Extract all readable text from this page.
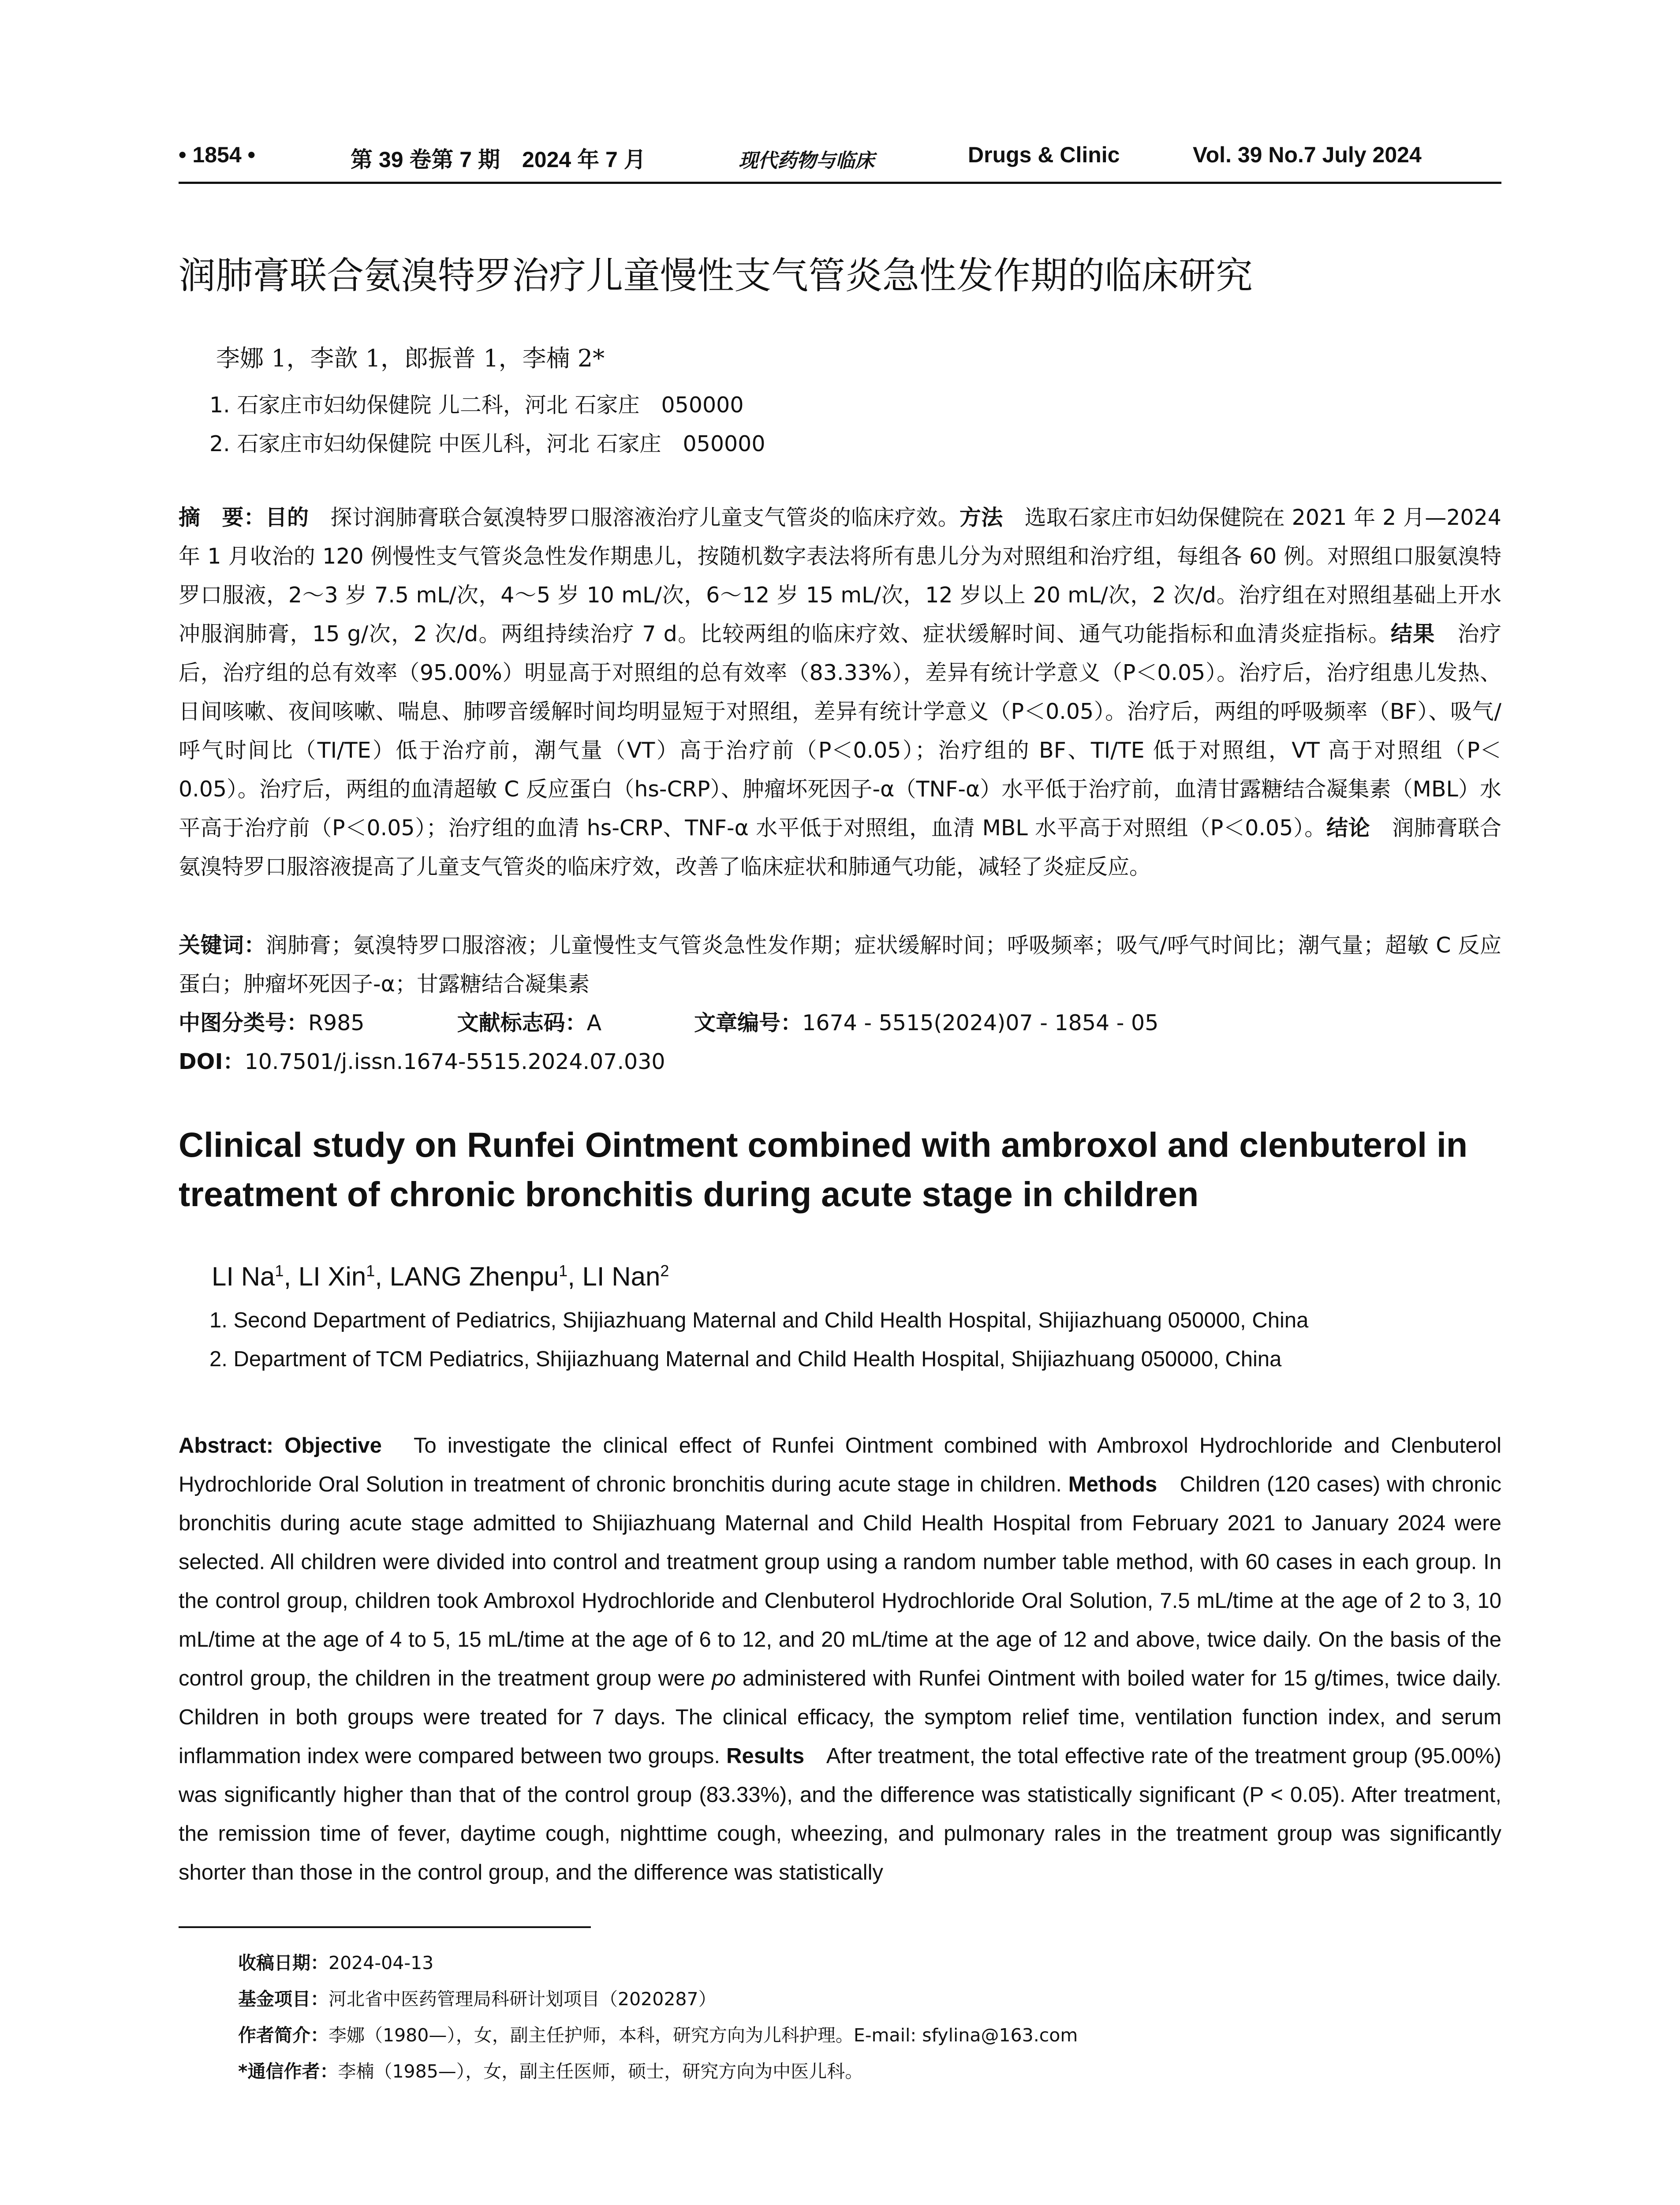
• 1854 •	第 39 卷第 7 期　2024 年 7 月	现代药物与临床	Drugs & Clinic	Vol. 39 No.7 July 2024
润肺膏联合氨溴特罗治疗儿童慢性支气管炎急性发作期的临床研究
李娜 1，李歆 1，郎振普 1，李楠 2*
1. 石家庄市妇幼保健院 儿二科，河北 石家庄　050000
2. 石家庄市妇幼保健院 中医儿科，河北 石家庄　050000
摘　要：目的　探讨润肺膏联合氨溴特罗口服溶液治疗儿童支气管炎的临床疗效。方法　选取石家庄市妇幼保健院在 2021 年 2 月—2024 年 1 月收治的 120 例慢性支气管炎急性发作期患儿，按随机数字表法将所有患儿分为对照组和治疗组，每组各 60 例。对照组口服氨溴特罗口服液，2～3 岁 7.5 mL/次，4～5 岁 10 mL/次，6～12 岁 15 mL/次，12 岁以上 20 mL/次，2 次/d。治疗组在对照组基础上开水冲服润肺膏，15 g/次，2 次/d。两组持续治疗 7 d。比较两组的临床疗效、症状缓解时间、通气功能指标和血清炎症指标。结果　治疗后，治疗组的总有效率（95.00%）明显高于对照组的总有效率（83.33%），差异有统计学意义（P＜0.05）。治疗后，治疗组患儿发热、日间咳嗽、夜间咳嗽、喘息、肺啰音缓解时间均明显短于对照组，差异有统计学意义（P＜0.05）。治疗后，两组的呼吸频率（BF）、吸气/呼气时间比（TI/TE）低于治疗前，潮气量（VT）高于治疗前（P＜0.05）；治疗组的 BF、TI/TE 低于对照组，VT 高于对照组（P＜0.05）。治疗后，两组的血清超敏 C 反应蛋白（hs-CRP）、肿瘤坏死因子-α（TNF-α）水平低于治疗前，血清甘露糖结合凝集素（MBL）水平高于治疗前（P＜0.05）；治疗组的血清 hs-CRP、TNF-α 水平低于对照组，血清 MBL 水平高于对照组（P＜0.05）。结论　润肺膏联合氨溴特罗口服溶液提高了儿童支气管炎的临床疗效，改善了临床症状和肺通气功能，减轻了炎症反应。
关键词：润肺膏；氨溴特罗口服溶液；儿童慢性支气管炎急性发作期；症状缓解时间；呼吸频率；吸气/呼气时间比；潮气量；超敏 C 反应蛋白；肿瘤坏死因子-α；甘露糖结合凝集素
中图分类号：R985	文献标志码：A	文章编号：1674 - 5515(2024)07 - 1854 - 05
DOI：10.7501/j.issn.1674-5515.2024.07.030
Clinical study on Runfei Ointment combined with ambroxol and clenbuterol in treatment of chronic bronchitis during acute stage in children
LI Na$^1$, LI Xin$^1$, LANG Zhenpu$^1$, LI Nan$^2$
1. Second Department of Pediatrics, Shijiazhuang Maternal and Child Health Hospital, Shijiazhuang 050000, China
2. Department of TCM Pediatrics, Shijiazhuang Maternal and Child Health Hospital, Shijiazhuang 050000, China
Abstract: Objective　To investigate the clinical effect of Runfei Ointment combined with Ambroxol Hydrochloride and Clenbuterol Hydrochloride Oral Solution in treatment of chronic bronchitis during acute stage in children. Methods　Children (120 cases) with chronic bronchitis during acute stage admitted to Shijiazhuang Maternal and Child Health Hospital from February 2021 to January 2024 were selected. All children were divided into control and treatment group using a random number table method, with 60 cases in each group. In the control group, children took Ambroxol Hydrochloride and Clenbuterol Hydrochloride Oral Solution, 7.5 mL/time at the age of 2 to 3, 10 mL/time at the age of 4 to 5, 15 mL/time at the age of 6 to 12, and 20 mL/time at the age of 12 and above, twice daily. On the basis of the control group, the children in the treatment group were po administered with Runfei Ointment with boiled water for 15 g/times, twice daily. Children in both groups were treated for 7 days. The clinical efficacy, the symptom relief time, ventilation function index, and serum inflammation index were compared between two groups. Results　After treatment, the total effective rate of the treatment group (95.00%) was significantly higher than that of the control group (83.33%), and the difference was statistically significant (P < 0.05). After treatment, the remission time of fever, daytime cough, nighttime cough, wheezing, and pulmonary rales in the treatment group was significantly shorter than those in the control group, and the difference was statistically
收稿日期：2024-04-13
基金项目：河北省中医药管理局科研计划项目（2020287）
作者简介：李娜（1980—），女，副主任护师，本科，研究方向为儿科护理。E-mail: sfylina@163.com
*通信作者：李楠（1985—），女，副主任医师，硕士，研究方向为中医儿科。
